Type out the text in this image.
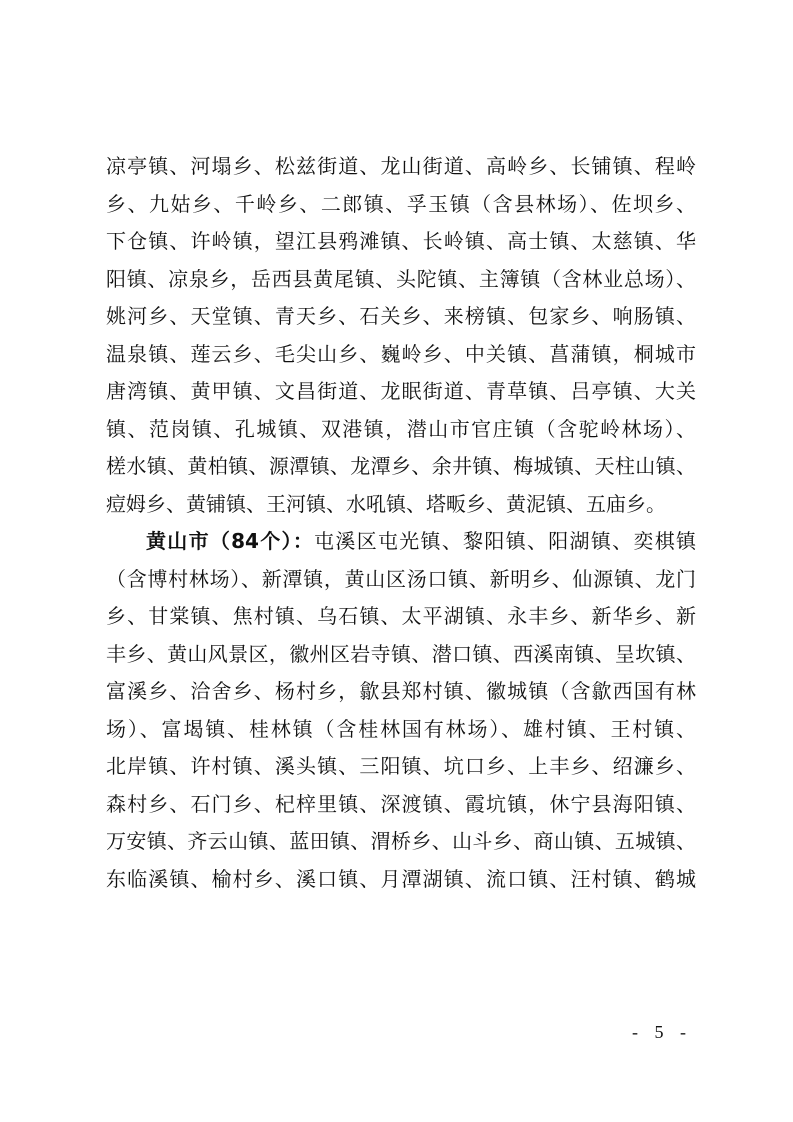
凉亭镇、河塌乡、松兹街道、龙山街道、高岭乡、长铺镇、程岭
乡、九姑乡、千岭乡、二郎镇、孚玉镇（含县林场）、佐坝乡、
下仓镇、许岭镇，望江县鸦滩镇、长岭镇、高士镇、太慈镇、华
阳镇、凉泉乡，岳西县黄尾镇、头陀镇、主簿镇（含林业总场）、
姚河乡、天堂镇、青天乡、石关乡、来榜镇、包家乡、响肠镇、
温泉镇、莲云乡、毛尖山乡、巍岭乡、中关镇、菖蒲镇，桐城市
唐湾镇、黄甲镇、文昌街道、龙眠街道、青草镇、吕亭镇、大关
镇、范岗镇、孔城镇、双港镇，潜山市官庄镇（含驼岭林场）、
槎水镇、黄柏镇、源潭镇、龙潭乡、余井镇、梅城镇、天柱山镇、
痘姆乡、黄铺镇、王河镇、水吼镇、塔畈乡、黄泥镇、五庙乡。
黄山市（84个）：屯溪区屯光镇、黎阳镇、阳湖镇、奕棋镇
（含博村林场）、新潭镇，黄山区汤口镇、新明乡、仙源镇、龙门
乡、甘棠镇、焦村镇、乌石镇、太平湖镇、永丰乡、新华乡、新
丰乡、黄山风景区，徽州区岩寺镇、潜口镇、西溪南镇、呈坎镇、
富溪乡、洽舍乡、杨村乡，歙县郑村镇、徽城镇（含歙西国有林
场）、富堨镇、桂林镇（含桂林国有林场）、雄村镇、王村镇、
北岸镇、许村镇、溪头镇、三阳镇、坑口乡、上丰乡、绍濂乡、
森村乡、石门乡、杞梓里镇、深渡镇、霞坑镇，休宁县海阳镇、
万安镇、齐云山镇、蓝田镇、渭桥乡、山斗乡、商山镇、五城镇、
东临溪镇、榆村乡、溪口镇、月潭湖镇、流口镇、汪村镇、鹤城
- 5 -
